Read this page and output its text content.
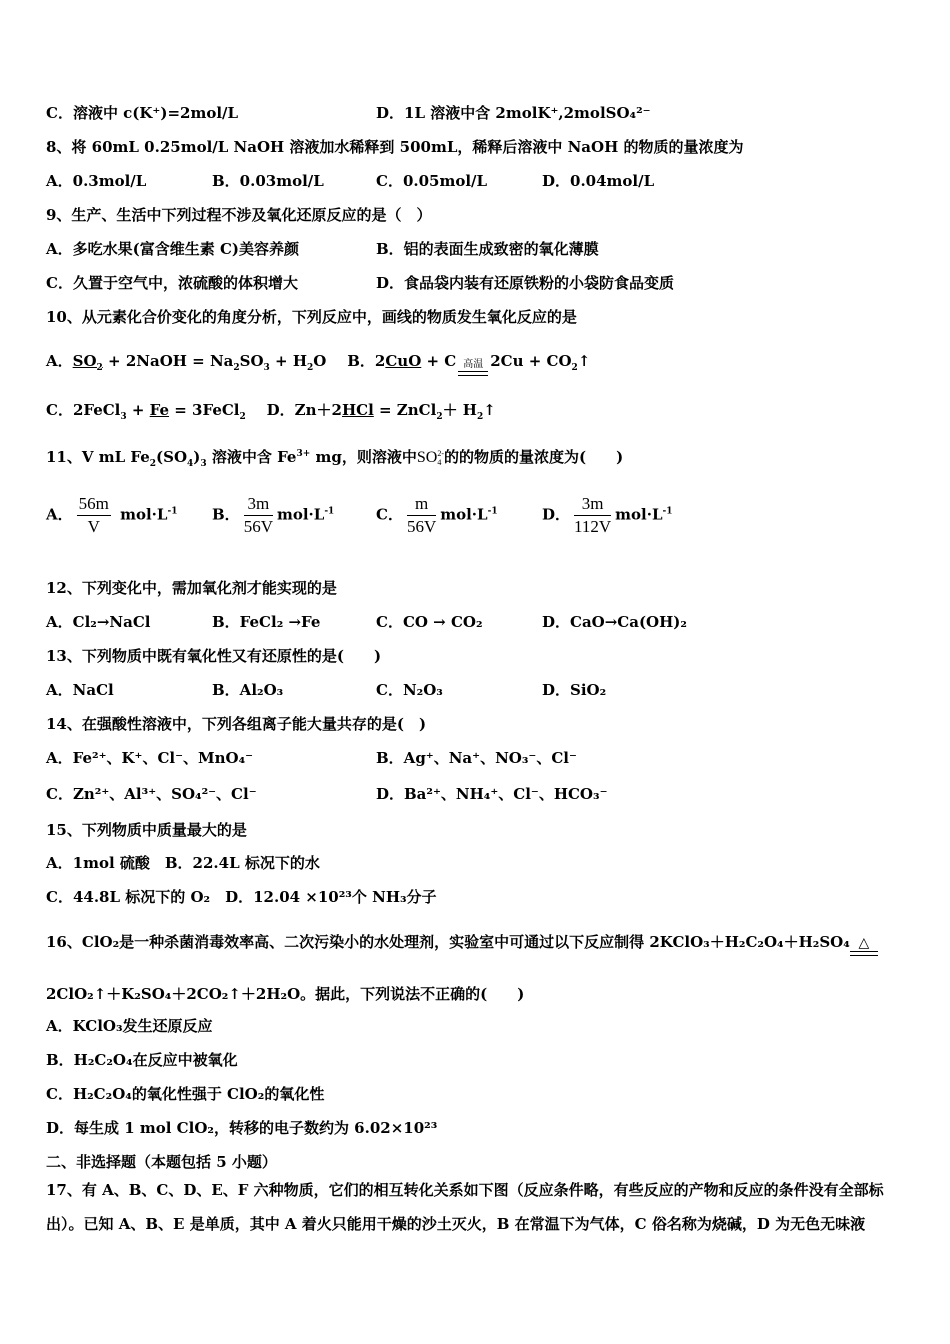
C．溶液中 c(K⁺)=2mol/L	D．1L 溶液中含 2molK⁺,2molSO₄²⁻
8、将 60mL 0.25mol/L NaOH 溶液加水稀释到 500mL，稀释后溶液中 NaOH 的物质的量浓度为
A．0.3mol/L	B．0.03mol/L	C．0.05mol/L	D．0.04mol/L
9、生产、生活中下列过程不涉及氧化还原反应的是（　）
A．多吃水果(富含维生素 C)美容养颜	B．铝的表面生成致密的氧化薄膜
C．久置于空气中，浓硫酸的体积增大	D．食品袋内装有还原铁粉的小袋防食品变质
10、从元素化合价变化的角度分析，下列反应中，画线的物质发生氧化反应的是
A．$SO_2$ + 2NaOH = $Na_2SO_3 + H_2O$ B．2CuO + C 高温 $2Cu + CO_2↑$
C．2FeCl$_3$ + Fe = 3FeCl$_2$ D．Zn＋2HCl = ZnCl$_2$＋ $H_2↑$
11、V mL $Fe_2(SO_4)_3$ 溶液中含 $Fe^{3+}$ mg，则溶液中SO2-
4 的的物质的量浓度为(　　)
A． $\frac{56m}{V} mol\cdot L^{-1}$ B． $\frac{3m}{56V} mol\cdot L^{-1}$	C． $\frac{m}{56V} mol\cdot L^{-1}$	D． $\frac{3m}{112V} mol\cdot L^{-1}$
12、下列变化中，需加氧化剂才能实现的是
A．Cl₂→NaCl	B．FeCl₂ →Fe	C．CO → CO₂	D．CaO→Ca(OH)₂
13、下列物质中既有氧化性又有还原性的是(　　)
A．NaCl	B．Al₂O₃	C．N₂O₃	D．SiO₂
14、在强酸性溶液中，下列各组离子能大量共存的是(　)
A．Fe²⁺、K⁺、Cl⁻、MnO₄⁻	B．Ag⁺、Na⁺、NO₃⁻、Cl⁻
C．Zn²⁺、Al³⁺、SO₄²⁻、Cl⁻	D．Ba²⁺、NH₄⁺、Cl⁻、HCO₃⁻
15、下列物质中质量最大的是
A．1mol 硫酸　B．22.4L 标况下的水
C．44.8L 标况下的 O₂　D．12.04 ×10²³个 NH₃分子
16、ClO₂是一种杀菌消毒效率高、二次污染小的水处理剂，实验室中可通过以下反应制得 2KClO₃＋H₂C₂O₄＋H₂SO₄ △
2ClO₂↑＋K₂SO₄＋2CO₂↑＋2H₂O。据此，下列说法不正确的(　　)
A．KClO₃发生还原反应
B．H₂C₂O₄在反应中被氧化
C．H₂C₂O₄的氧化性强于 ClO₂的氧化性
D．每生成 1 mol ClO₂，转移的电子数约为 6.02×10²³
二、非选择题（本题包括 5 小题）
17、有 A、B、C、D、E、F 六种物质，它们的相互转化关系如下图（反应条件略，有些反应的产物和反应的条件没有全部标
出）。已知 A、B、E 是单质，其中 A 着火只能用干燥的沙土灭火，B 在常温下为气体，C 俗名称为烧碱，D 为无色无味液
